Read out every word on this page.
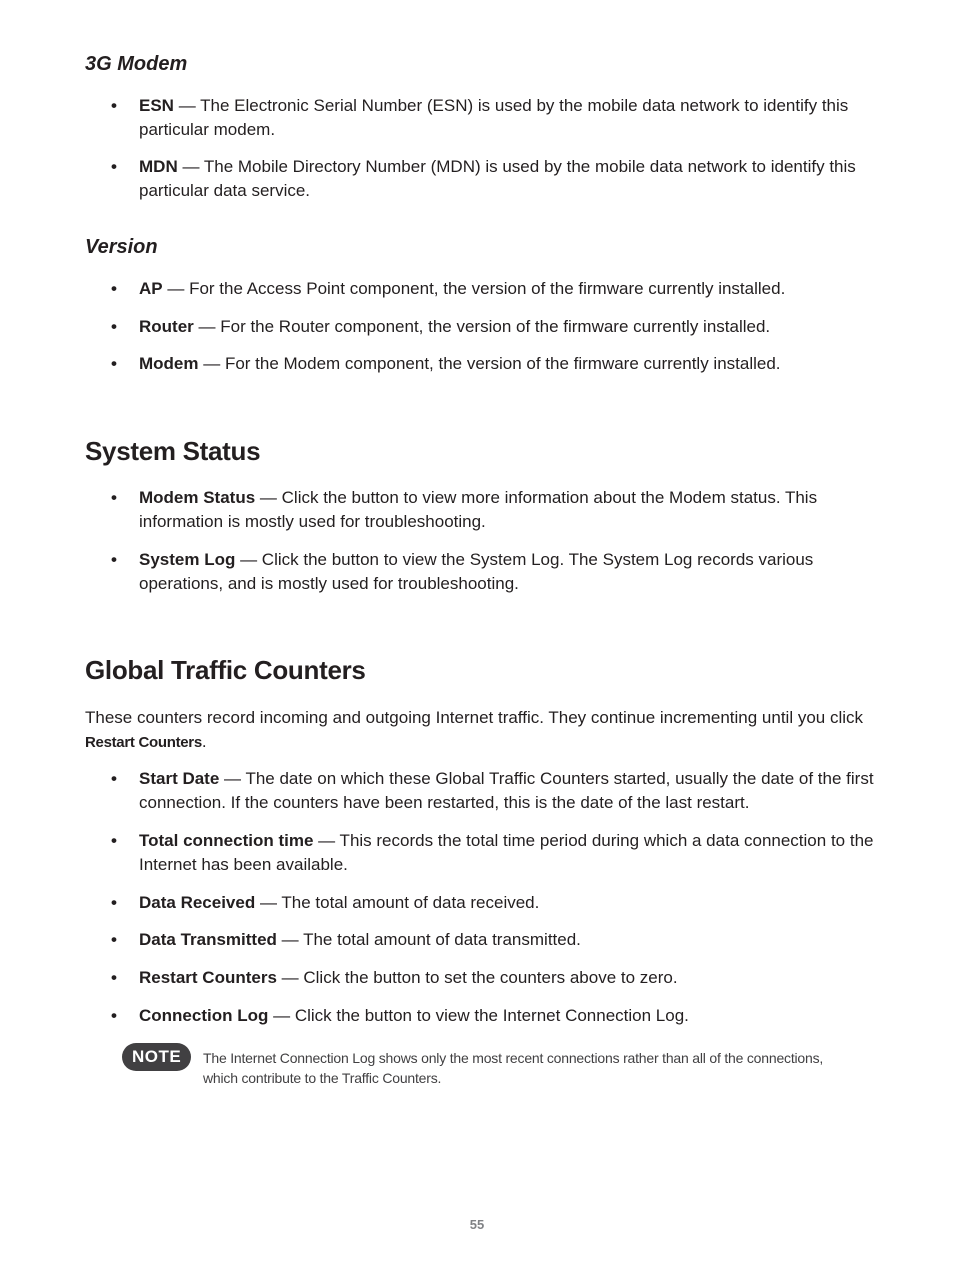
3G Modem
• ESN — The Electronic Serial Number (ESN) is used by the mobile data network to identify this particular modem.
• MDN — The Mobile Directory Number (MDN) is used by the mobile data network to identify this particular data service.
Version
• AP — For the Access Point component, the version of the firmware currently installed.
• Router — For the Router component, the version of the firmware currently installed.
• Modem — For the Modem component, the version of the firmware currently installed.
System Status
• Modem Status — Click the button to view more information about the Modem status. This information is mostly used for troubleshooting.
• System Log — Click the button to view the System Log. The System Log records various operations, and is mostly used for troubleshooting.
Global Traffic Counters

These counters record incoming and outgoing Internet traffic. They continue incrementing until you click Restart Counters.

• Start Date — The date on which these Global Traffic Counters started, usually the date of the first connection. If the counters have been restarted, this is the date of the last restart.
• Total connection time — This records the total time period during which a data connection to the Internet has been available.
• Data Received — The total amount of data received.
• Data Transmitted — The total amount of data transmitted.
• Restart Counters — Click the button to set the counters above to zero.
• Connection Log — Click the button to view the Internet Connection Log.
NOTE	The Internet Connection Log shows only the most recent connections rather than all of the connections, which contribute to the Traffic Counters.

55
